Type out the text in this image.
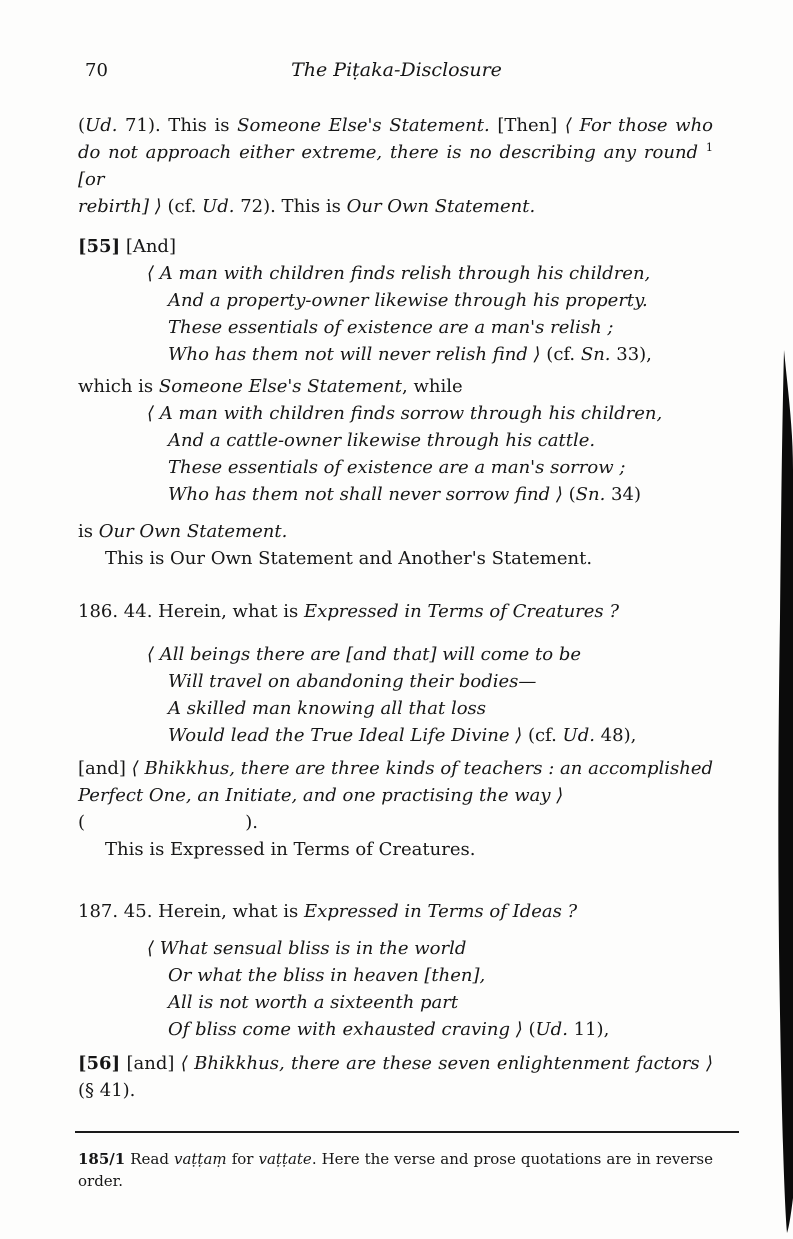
70	The Piṭaka-Disclosure
(Ud. 71). This is Someone Else's Statement. [Then] ⟨ For those who
do not approach either extreme, there is no describing any round $^1$ [or
rebirth] ⟩ (cf. Ud. 72). This is Our Own Statement.
[55] [And]
⟨ A man with children finds relish through his children,
And a property-owner likewise through his property.
These essentials of existence are a man's relish ;
Who has them not will never relish find ⟩ (cf. Sn. 33),
which is Someone Else's Statement, while
⟨ A man with children finds sorrow through his children,
And a cattle-owner likewise through his cattle.
These essentials of existence are a man's sorrow ;
Who has them not shall never sorrow find ⟩ (Sn. 34)
is Our Own Statement.
This is Our Own Statement and Another's Statement.
186. 44. Herein, what is Expressed in Terms of Creatures ?
⟨ All beings there are [and that] will come to be
Will travel on abandoning their bodies—
A skilled man knowing all that loss
Would lead the True Ideal Life Divine ⟩ (cf. Ud. 48),
[and] ⟨ Bhikkhus, there are three kinds of teachers : an accomplished
Perfect One, an Initiate, and one practising the way ⟩ (                            ).
This is Expressed in Terms of Creatures.
187. 45. Herein, what is Expressed in Terms of Ideas ?
⟨ What sensual bliss is in the world
Or what the bliss in heaven [then],
All is not worth a sixteenth part
Of bliss come with exhausted craving ⟩ (Ud. 11),
[56] [and] ⟨ Bhikkhus, there are these seven enlightenment factors ⟩
(§ 41).
185/1 Read vaṭṭaṃ for vaṭṭate. Here the verse and prose quotations are in reverse
order.
